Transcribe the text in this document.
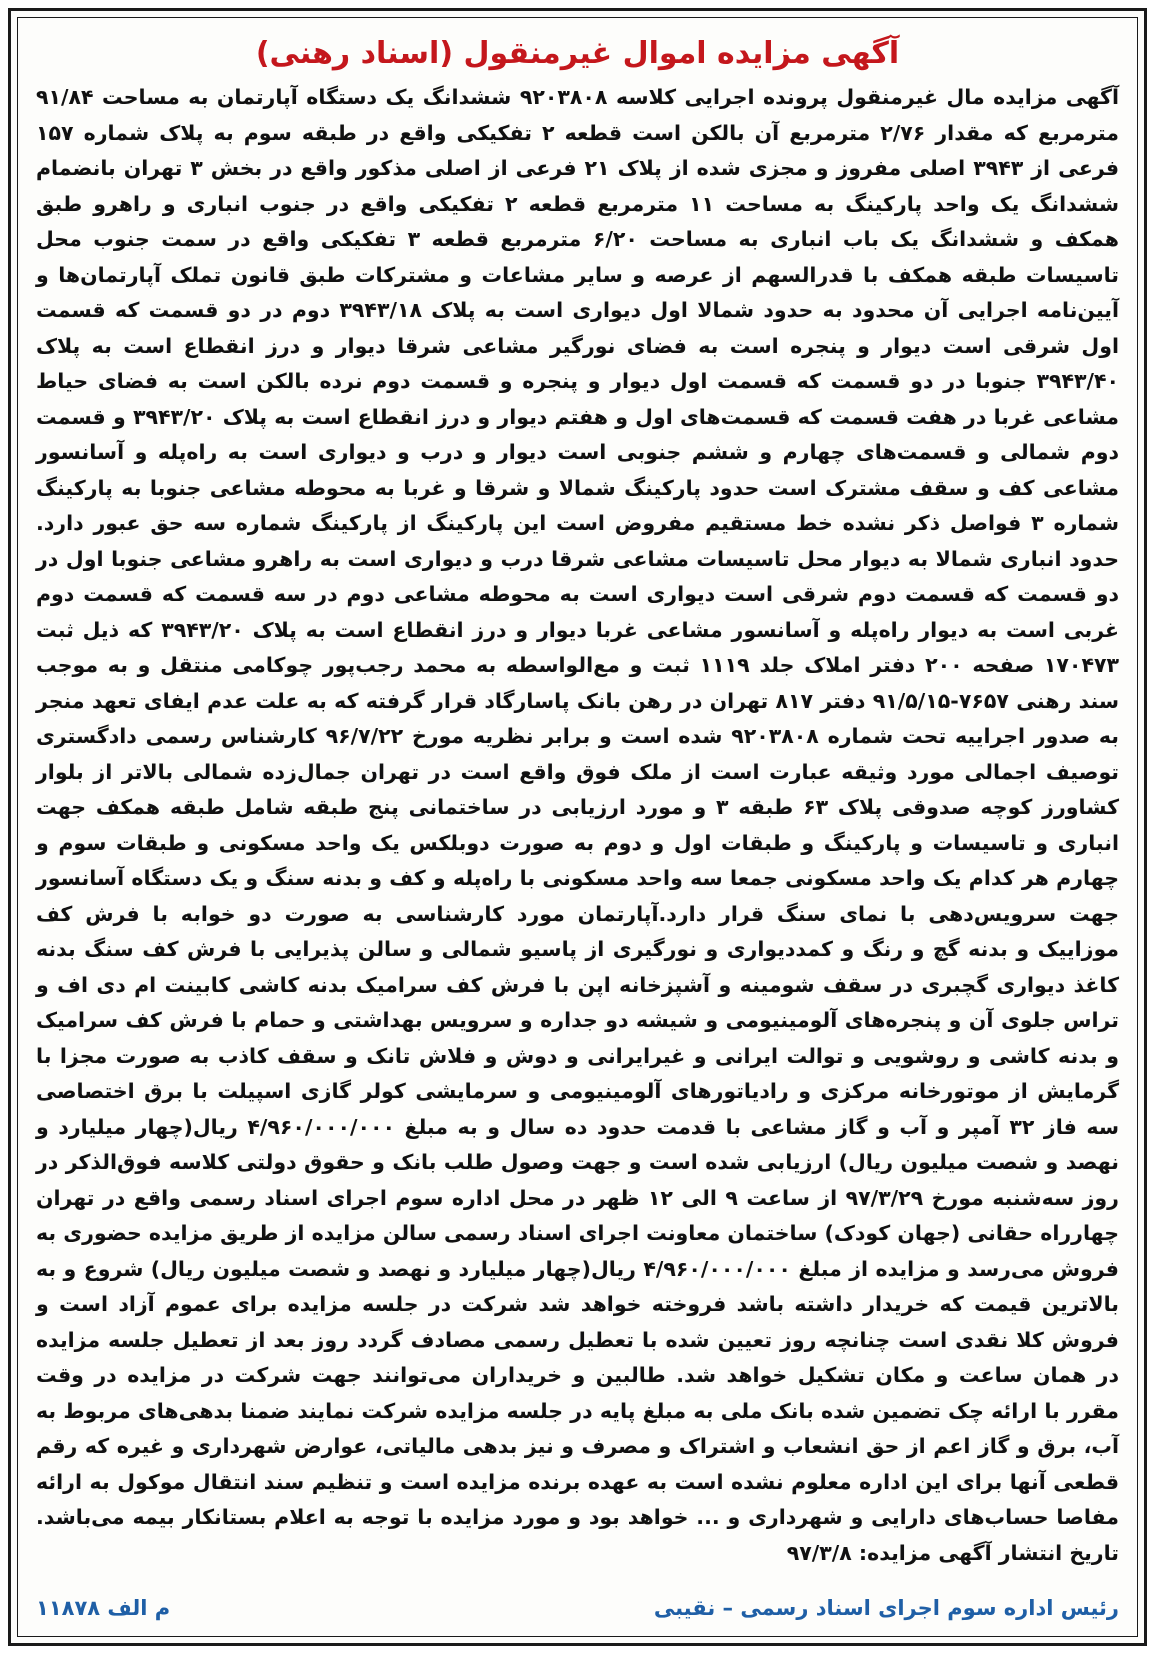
آگهی مزایده اموال غیرمنقول (اسناد رهنی)

آگهی مزایده مال غیرمنقول پرونده اجرایی کلاسه ۹۲۰۳۸۰۸ ششدانگ یک دستگاه آپارتمان به مساحت ۹۱/۸۴ مترمربع که مقدار ۲/۷۶ مترمربع آن بالکن است قطعه ۲ تفکیکی واقع در طبقه سوم به پلاک شماره ۱۵۷ فرعی از ۳۹۴۳ اصلی مفروز و مجزی شده از پلاک ۲۱ فرعی از اصلی مذکور واقع در بخش ۳ تهران بانضمام ششدانگ یک واحد پارکینگ به مساحت ۱۱ مترمربع قطعه ۲ تفکیکی واقع در جنوب انباری و راهرو طبق همکف و ششدانگ یک باب انباری به مساحت ۶/۲۰ مترمربع قطعه ۳ تفکیکی واقع در سمت جنوب محل تاسیسات طبقه همکف با قدرالسهم از عرصه و سایر مشاعات و مشترکات طبق قانون تملک آپارتمان‌ها و آیین‌نامه اجرایی آن محدود به حدود شمالا اول دیواری است به پلاک ۳۹۴۳/۱۸ دوم در دو قسمت که قسمت اول شرقی است دیوار و پنجره است به فضای نورگیر مشاعی شرقا دیوار و درز انقطاع است به پلاک ۳۹۴۳/۴۰ جنوبا در دو قسمت که قسمت اول دیوار و پنجره و قسمت دوم نرده بالکن است به فضای حیاط مشاعی غربا در هفت قسمت که قسمت‌های اول و هفتم دیوار و درز انقطاع است به پلاک ۳۹۴۳/۲۰ و قسمت دوم شمالی و قسمت‌های چهارم و ششم جنوبی است دیوار و درب و دیواری است به راه‌پله و آسانسور مشاعی کف و سقف مشترک است حدود پارکینگ شمالا و شرقا و غربا به محوطه مشاعی جنوبا به پارکینگ شماره ۳ فواصل ذکر نشده خط مستقیم مفروض است این پارکینگ از پارکینگ شماره سه حق عبور دارد. حدود انباری شمالا به دیوار محل تاسیسات مشاعی شرقا درب و دیواری است به راهرو مشاعی جنوبا اول در دو قسمت که قسمت دوم شرقی است دیواری است به محوطه مشاعی دوم در سه قسمت که قسمت دوم غربی است به دیوار راه‌پله و آسانسور مشاعی غربا دیوار و درز انقطاع است به پلاک ۳۹۴۳/۲۰ که ذیل ثبت ۱۷۰۴۷۳ صفحه ۲۰۰ دفتر املاک جلد ۱۱۱۹ ثبت و مع‌الواسطه به محمد رجب‌پور چوکامی منتقل و به موجب سند رهنی ۷۶۵۷-۹۱/۵/۱۵ دفتر ۸۱۷ تهران در رهن بانک پاسارگاد قرار گرفته که به علت عدم ایفای تعهد منجر به صدور اجراییه تحت شماره ۹۲۰۳۸۰۸ شده است و برابر نظریه مورخ ۹۶/۷/۲۲ کارشناس رسمی دادگستری توصیف اجمالی مورد وثیقه عبارت است از ملک فوق واقع است در تهران جمال‌زده شمالی بالاتر از بلوار کشاورز کوچه صدوقی پلاک ۶۳ طبقه ۳ و مورد ارزیابی در ساختمانی پنج طبقه شامل طبقه همکف جهت انباری و تاسیسات و پارکینگ و طبقات اول و دوم به صورت دوبلکس یک واحد مسکونی و طبقات سوم و چهارم هر کدام یک واحد مسکونی جمعا سه واحد مسکونی با راه‌پله و کف و بدنه سنگ و یک دستگاه آسانسور جهت سرویس‌دهی با نمای سنگ قرار دارد.آپارتمان مورد کارشناسی به صورت دو خوابه با فرش کف موزاییک و بدنه گچ و رنگ و کمددیواری و نورگیری از پاسیو شمالی و سالن پذیرایی با فرش کف سنگ بدنه کاغذ دیواری گچبری در سقف شومینه و آشپزخانه اپن با فرش کف سرامیک بدنه کاشی کابینت ام دی اف و تراس جلوی آن و پنجره‌های آلومینیومی و شیشه دو جداره و سرویس بهداشتی و حمام با فرش کف سرامیک و بدنه کاشی و روشویی و توالت ایرانی و غیرایرانی و دوش و فلاش تانک و سقف کاذب به صورت مجزا با گرمایش از موتورخانه مرکزی و رادیاتورهای آلومینیومی و سرمایشی کولر گازی اسپیلت با برق اختصاصی سه فاز ۳۲ آمپر و آب و گاز مشاعی با قدمت حدود ده سال و به مبلغ ۴/۹۶۰/۰۰۰/۰۰۰ ریال(چهار میلیارد و نهصد و شصت میلیون ریال) ارزیابی شده است و جهت وصول طلب بانک و حقوق دولتی کلاسه فوق‌الذکر در روز سه‌شنبه مورخ ۹۷/۳/۲۹ از ساعت ۹ الی ۱۲ ظهر در محل اداره سوم اجرای اسناد رسمی واقع در تهران چهارراه حقانی (جهان کودک) ساختمان معاونت اجرای اسناد رسمی سالن مزایده از طریق مزایده حضوری به فروش می‌رسد و مزایده از مبلغ ۴/۹۶۰/۰۰۰/۰۰۰ ریال(چهار میلیارد و نهصد و شصت میلیون ریال) شروع و به بالاترین قیمت که خریدار داشته باشد فروخته خواهد شد شرکت در جلسه مزایده برای عموم آزاد است و فروش کلا نقدی است چنانچه روز تعیین شده با تعطیل رسمی مصادف گردد روز بعد از تعطیل جلسه مزایده در همان ساعت و مکان تشکیل خواهد شد. طالبین و خریداران می‌توانند جهت شرکت در مزایده در وقت مقرر با ارائه چک تضمین شده بانک ملی به مبلغ پایه در جلسه مزایده شرکت نمایند ضمنا بدهی‌های مربوط به آب، برق و گاز اعم از حق انشعاب و اشتراک و مصرف و نیز بدهی مالیاتی، عوارض شهرداری و غیره که رقم قطعی آنها برای این اداره معلوم نشده است به عهده برنده مزایده است و تنظیم سند انتقال موکول به ارائه مفاصا حساب‌های دارایی و شهرداری و ... خواهد بود و مورد مزایده با توجه به اعلام بستانکار بیمه می‌باشد. تاریخ انتشار آگهی مزایده: ۹۷/۳/۸

رئیس اداره سوم اجرای اسناد رسمی – نقیبی
م الف ۱۱۸۷۸
